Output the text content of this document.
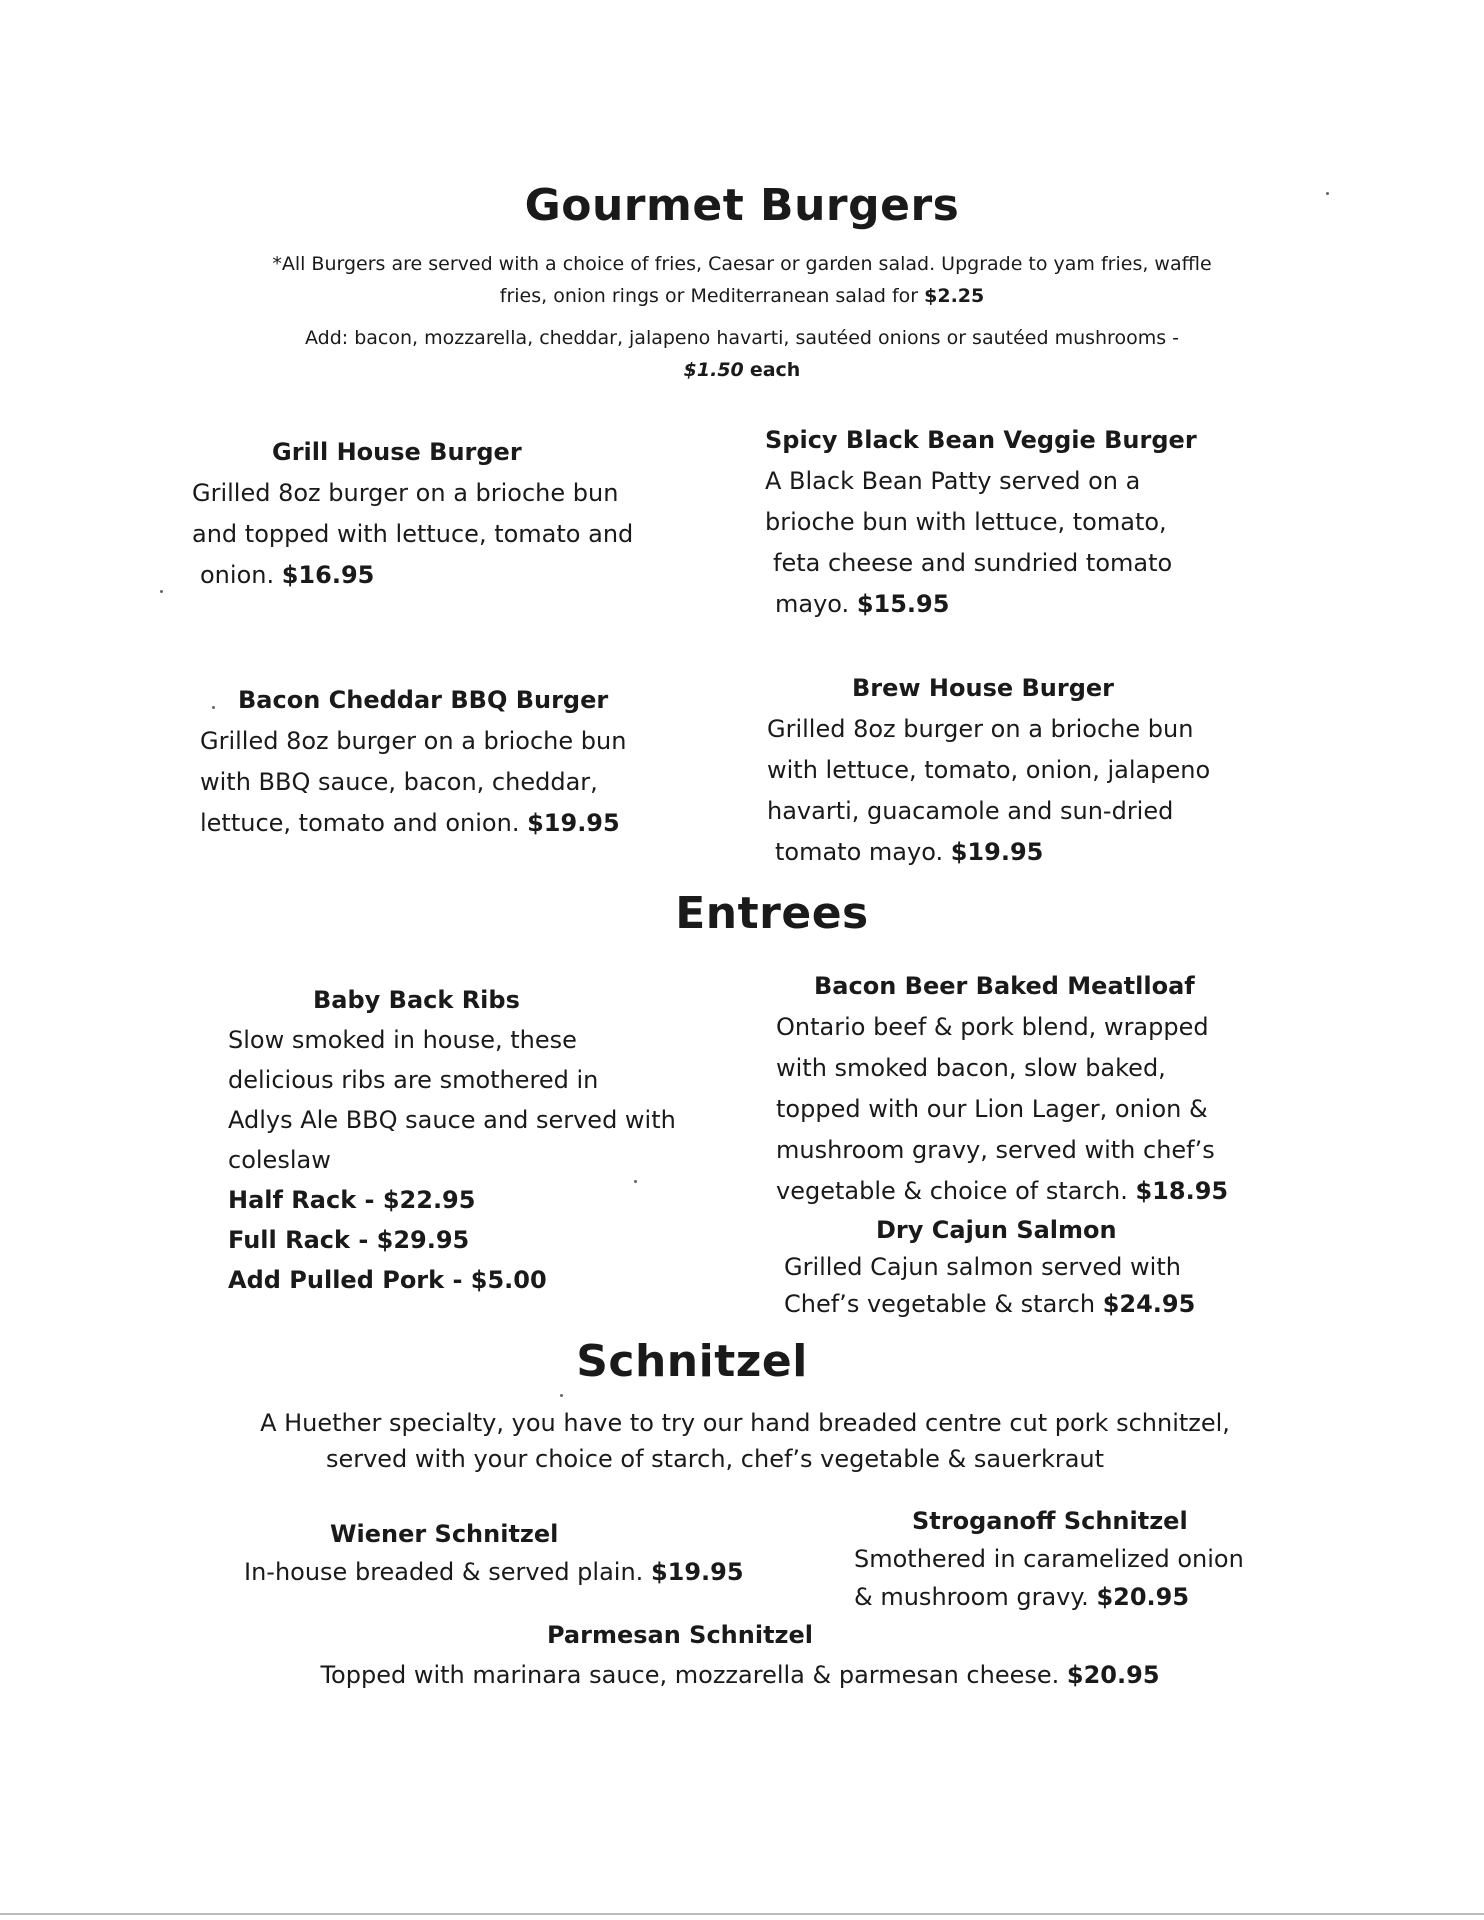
Gourmet Burgers
*All Burgers are served with a choice of fries, Caesar or garden salad. Upgrade to yam fries, waffle
fries, onion rings or Mediterranean salad for $2.25
Add: bacon, mozzarella, cheddar, jalapeno havarti, sautéed onions or sautéed mushrooms -
$1.50 each
Grill House Burger
Grilled 8oz burger on a brioche bun
and topped with lettuce, tomato and
onion. $16.95
Spicy Black Bean Veggie Burger
A Black Bean Patty served on a
brioche bun with lettuce, tomato,
feta cheese and sundried tomato
mayo. $15.95
Bacon Cheddar BBQ Burger
Grilled 8oz burger on a brioche bun
with BBQ sauce, bacon, cheddar,
lettuce, tomato and onion. $19.95
Brew House Burger
Grilled 8oz burger on a brioche bun
with lettuce, tomato, onion, jalapeno
havarti, guacamole and sun-dried
tomato mayo. $19.95
Entrees
Baby Back Ribs
Slow smoked in house, these
delicious ribs are smothered in
Adlys Ale BBQ sauce and served with
coleslaw
Half Rack - $22.95
Full Rack - $29.95
Add Pulled Pork - $5.00
Bacon Beer Baked Meatlloaf
Ontario beef & pork blend, wrapped
with smoked bacon, slow baked,
topped with our Lion Lager, onion &
mushroom gravy, served with chef’s
vegetable & choice of starch. $18.95
Dry Cajun Salmon
Grilled Cajun salmon served with
Chef’s vegetable & starch $24.95
Schnitzel
A Huether specialty, you have to try our hand breaded centre cut pork schnitzel,
served with your choice of starch, chef’s vegetable & sauerkraut
Wiener Schnitzel
In-house breaded & served plain. $19.95
Stroganoff Schnitzel
Smothered in caramelized onion
& mushroom gravy. $20.95
Parmesan Schnitzel
Topped with marinara sauce, mozzarella & parmesan cheese. $20.95
